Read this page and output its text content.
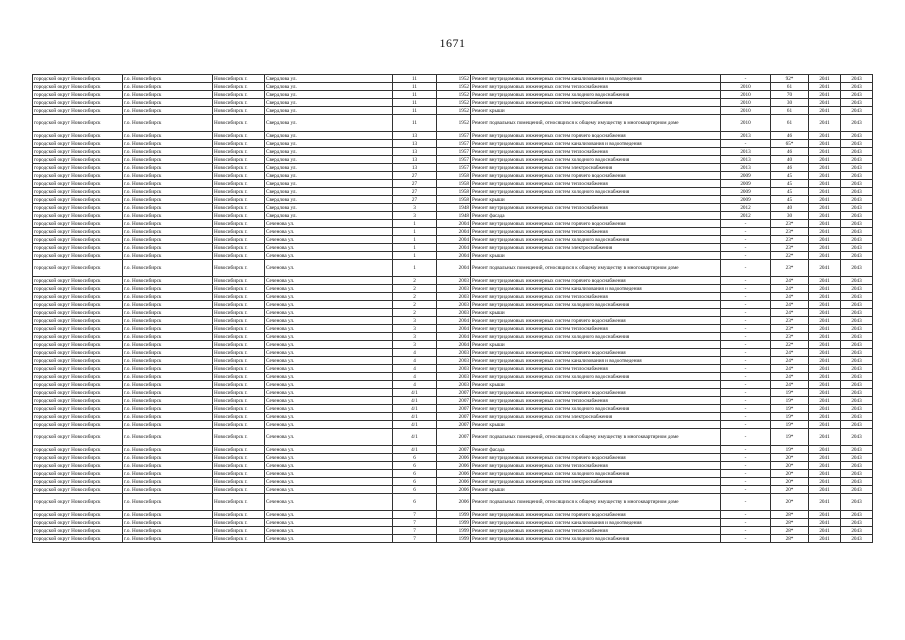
1671
городской округ Новосибирск	г.о. Новосибирск	Новосибирск г.	Свердлова ул.	11	1952	Ремонт внутридомовых инженерных систем канализования и водоотведения	-	92*	2041	2043
городской округ Новосибирск	г.о. Новосибирск	Новосибирск г.	Свердлова ул.	11	1952	Ремонт внутридомовых инженерных систем теплоснабжения	2010	61	2041	2043
городской округ Новосибирск	г.о. Новосибирск	Новосибирск г.	Свердлова ул.	11	1952	Ремонт внутридомовых инженерных систем холодного водоснабжения	2010	70	2041	2043
городской округ Новосибирск	г.о. Новосибирск	Новосибирск г.	Свердлова ул.	11	1952	Ремонт внутридомовых инженерных систем электроснабжения	2010	30	2041	2043
городской округ Новосибирск	г.о. Новосибирск	Новосибирск г.	Свердлова ул.	11	1952	Ремонт крыши	2010	61	2041	2043
городской округ Новосибирск	г.о. Новосибирск	Новосибирск г.	Свердлова ул.	11	1952	Ремонт подвальных помещений, относящихся к общему имуществу в многоквартирном доме	2010	61	2041	2043
городской округ Новосибирск	г.о. Новосибирск	Новосибирск г.	Свердлова ул.	13	1957	Ремонт внутридомовых инженерных систем горячего водоснабжения	2013	46	2041	2043
городской округ Новосибирск	г.о. Новосибирск	Новосибирск г.	Свердлова ул.	13	1957	Ремонт внутридомовых инженерных систем канализования и водоотведения	-	65*	2041	2043
городской округ Новосибирск	г.о. Новосибирск	Новосибирск г.	Свердлова ул.	13	1957	Ремонт внутридомовых инженерных систем теплоснабжения	2013	46	2041	2043
городской округ Новосибирск	г.о. Новосибирск	Новосибирск г.	Свердлова ул.	13	1957	Ремонт внутридомовых инженерных систем холодного водоснабжения	2013	40	2041	2043
городской округ Новосибирск	г.о. Новосибирск	Новосибирск г.	Свердлова ул.	13	1957	Ремонт внутридомовых инженерных систем электроснабжения	2013	46	2041	2043
городской округ Новосибирск	г.о. Новосибирск	Новосибирск г.	Свердлова ул.	27	1958	Ремонт внутридомовых инженерных систем горячего водоснабжения	2009	45	2041	2043
городской округ Новосибирск	г.о. Новосибирск	Новосибирск г.	Свердлова ул.	27	1958	Ремонт внутридомовых инженерных систем теплоснабжения	2009	45	2041	2043
городской округ Новосибирск	г.о. Новосибирск	Новосибирск г.	Свердлова ул.	27	1958	Ремонт внутридомовых инженерных систем холодного водоснабжения	2009	45	2041	2043
городской округ Новосибирск	г.о. Новосибирск	Новосибирск г.	Свердлова ул.	27	1958	Ремонт крыши	2009	45	2041	2043
городской округ Новосибирск	г.о. Новосибирск	Новосибирск г.	Свердлова ул.	3	1948	Ремонт внутридомовых инженерных систем теплоснабжения	2012	40	2041	2043
городской округ Новосибирск	г.о. Новосибирск	Новосибирск г.	Свердлова ул.	3	1948	Ремонт фасада	2012	30	2041	2043
городской округ Новосибирск	г.о. Новосибирск	Новосибирск г.	Сеченова ул.	1	2004	Ремонт внутридомовых инженерных систем горячего водоснабжения	-	23*	2041	2043
городской округ Новосибирск	г.о. Новосибирск	Новосибирск г.	Сеченова ул.	1	2004	Ремонт внутридомовых инженерных систем теплоснабжения	-	23*	2041	2043
городской округ Новосибирск	г.о. Новосибирск	Новосибирск г.	Сеченова ул.	1	2004	Ремонт внутридомовых инженерных систем холодного водоснабжения	-	23*	2041	2043
городской округ Новосибирск	г.о. Новосибирск	Новосибирск г.	Сеченова ул.	1	2004	Ремонт внутридомовых инженерных систем электроснабжения	-	23*	2041	2043
городской округ Новосибирск	г.о. Новосибирск	Новосибирск г.	Сеченова ул.	1	2004	Ремонт крыши	-	22*	2041	2043
городской округ Новосибирск	г.о. Новосибирск	Новосибирск г.	Сеченова ул.	1	2004	Ремонт подвальных помещений, относящихся к общему имуществу в многоквартирном доме	-	23*	2041	2043
городской округ Новосибирск	г.о. Новосибирск	Новосибирск г.	Сеченова ул.	2	2003	Ремонт внутридомовых инженерных систем горячего водоснабжения	-	24*	2041	2043
городской округ Новосибирск	г.о. Новосибирск	Новосибирск г.	Сеченова ул.	2	2003	Ремонт внутридомовых инженерных систем канализования и водоотведения	-	24*	2041	2043
городской округ Новосибирск	г.о. Новосибирск	Новосибирск г.	Сеченова ул.	2	2003	Ремонт внутридомовых инженерных систем теплоснабжения	-	24*	2041	2043
городской округ Новосибирск	г.о. Новосибирск	Новосибирск г.	Сеченова ул.	2	2003	Ремонт внутридомовых инженерных систем холодного водоснабжения	-	24*	2041	2043
городской округ Новосибирск	г.о. Новосибирск	Новосибирск г.	Сеченова ул.	2	2003	Ремонт крыши	-	24*	2041	2043
городской округ Новосибирск	г.о. Новосибирск	Новосибирск г.	Сеченова ул.	3	2004	Ремонт внутридомовых инженерных систем горячего водоснабжения	-	23*	2041	2043
городской округ Новосибирск	г.о. Новосибирск	Новосибирск г.	Сеченова ул.	3	2004	Ремонт внутридомовых инженерных систем теплоснабжения	-	23*	2041	2043
городской округ Новосибирск	г.о. Новосибирск	Новосибирск г.	Сеченова ул.	3	2004	Ремонт внутридомовых инженерных систем холодного водоснабжения	-	23*	2041	2043
городской округ Новосибирск	г.о. Новосибирск	Новосибирск г.	Сеченова ул.	3	2004	Ремонт крыши	-	22*	2041	2043
городской округ Новосибирск	г.о. Новосибирск	Новосибирск г.	Сеченова ул.	4	2003	Ремонт внутридомовых инженерных систем горячего водоснабжения	-	24*	2041	2043
городской округ Новосибирск	г.о. Новосибирск	Новосибирск г.	Сеченова ул.	4	2003	Ремонт внутридомовых инженерных систем канализования и водоотведения	-	24*	2041	2043
городской округ Новосибирск	г.о. Новосибирск	Новосибирск г.	Сеченова ул.	4	2003	Ремонт внутридомовых инженерных систем теплоснабжения	-	24*	2041	2043
городской округ Новосибирск	г.о. Новосибирск	Новосибирск г.	Сеченова ул.	4	2003	Ремонт внутридомовых инженерных систем холодного водоснабжения	-	24*	2041	2043
городской округ Новосибирск	г.о. Новосибирск	Новосибирск г.	Сеченова ул.	4	2003	Ремонт крыши	-	24*	2041	2043
городской округ Новосибирск	г.о. Новосибирск	Новосибирск г.	Сеченова ул.	4/1	2007	Ремонт внутридомовых инженерных систем горячего водоснабжения	-	19*	2041	2043
городской округ Новосибирск	г.о. Новосибирск	Новосибирск г.	Сеченова ул.	4/1	2007	Ремонт внутридомовых инженерных систем теплоснабжения	-	19*	2041	2043
городской округ Новосибирск	г.о. Новосибирск	Новосибирск г.	Сеченова ул.	4/1	2007	Ремонт внутридомовых инженерных систем холодного водоснабжения	-	19*	2041	2043
городской округ Новосибирск	г.о. Новосибирск	Новосибирск г.	Сеченова ул.	4/1	2007	Ремонт внутридомовых инженерных систем электроснабжения	-	19*	2041	2043
городской округ Новосибирск	г.о. Новосибирск	Новосибирск г.	Сеченова ул.	4/1	2007	Ремонт крыши	-	19*	2041	2043
городской округ Новосибирск	г.о. Новосибирск	Новосибирск г.	Сеченова ул.	4/1	2007	Ремонт подвальных помещений, относящихся к общему имуществу в многоквартирном доме	-	19*	2041	2043
городской округ Новосибирск	г.о. Новосибирск	Новосибирск г.	Сеченова ул.	4/1	2007	Ремонт фасада	-	19*	2041	2043
городской округ Новосибирск	г.о. Новосибирск	Новосибирск г.	Сеченова ул.	6	2006	Ремонт внутридомовых инженерных систем горячего водоснабжения	-	20*	2041	2043
городской округ Новосибирск	г.о. Новосибирск	Новосибирск г.	Сеченова ул.	6	2006	Ремонт внутридомовых инженерных систем теплоснабжения	-	20*	2041	2043
городской округ Новосибирск	г.о. Новосибирск	Новосибирск г.	Сеченова ул.	6	2006	Ремонт внутридомовых инженерных систем холодного водоснабжения	-	20*	2041	2043
городской округ Новосибирск	г.о. Новосибирск	Новосибирск г.	Сеченова ул.	6	2006	Ремонт внутридомовых инженерных систем электроснабжения	-	20*	2041	2043
городской округ Новосибирск	г.о. Новосибирск	Новосибирск г.	Сеченова ул.	6	2006	Ремонт крыши	-	20*	2041	2043
городской округ Новосибирск	г.о. Новосибирск	Новосибирск г.	Сеченова ул.	6	2006	Ремонт подвальных помещений, относящихся к общему имуществу в многоквартирном доме	-	20*	2041	2043
городской округ Новосибирск	г.о. Новосибирск	Новосибирск г.	Сеченова ул.	7	1999	Ремонт внутридомовых инженерных систем горячего водоснабжения	-	28*	2041	2043
городской округ Новосибирск	г.о. Новосибирск	Новосибирск г.	Сеченова ул.	7	1999	Ремонт внутридомовых инженерных систем канализования и водоотведения	-	28*	2041	2043
городской округ Новосибирск	г.о. Новосибирск	Новосибирск г.	Сеченова ул.	7	1999	Ремонт внутридомовых инженерных систем теплоснабжения	-	28*	2041	2043
городской округ Новосибирск	г.о. Новосибирск	Новосибирск г.	Сеченова ул.	7	1999	Ремонт внутридомовых инженерных систем холодного водоснабжения	-	28*	2041	2043
